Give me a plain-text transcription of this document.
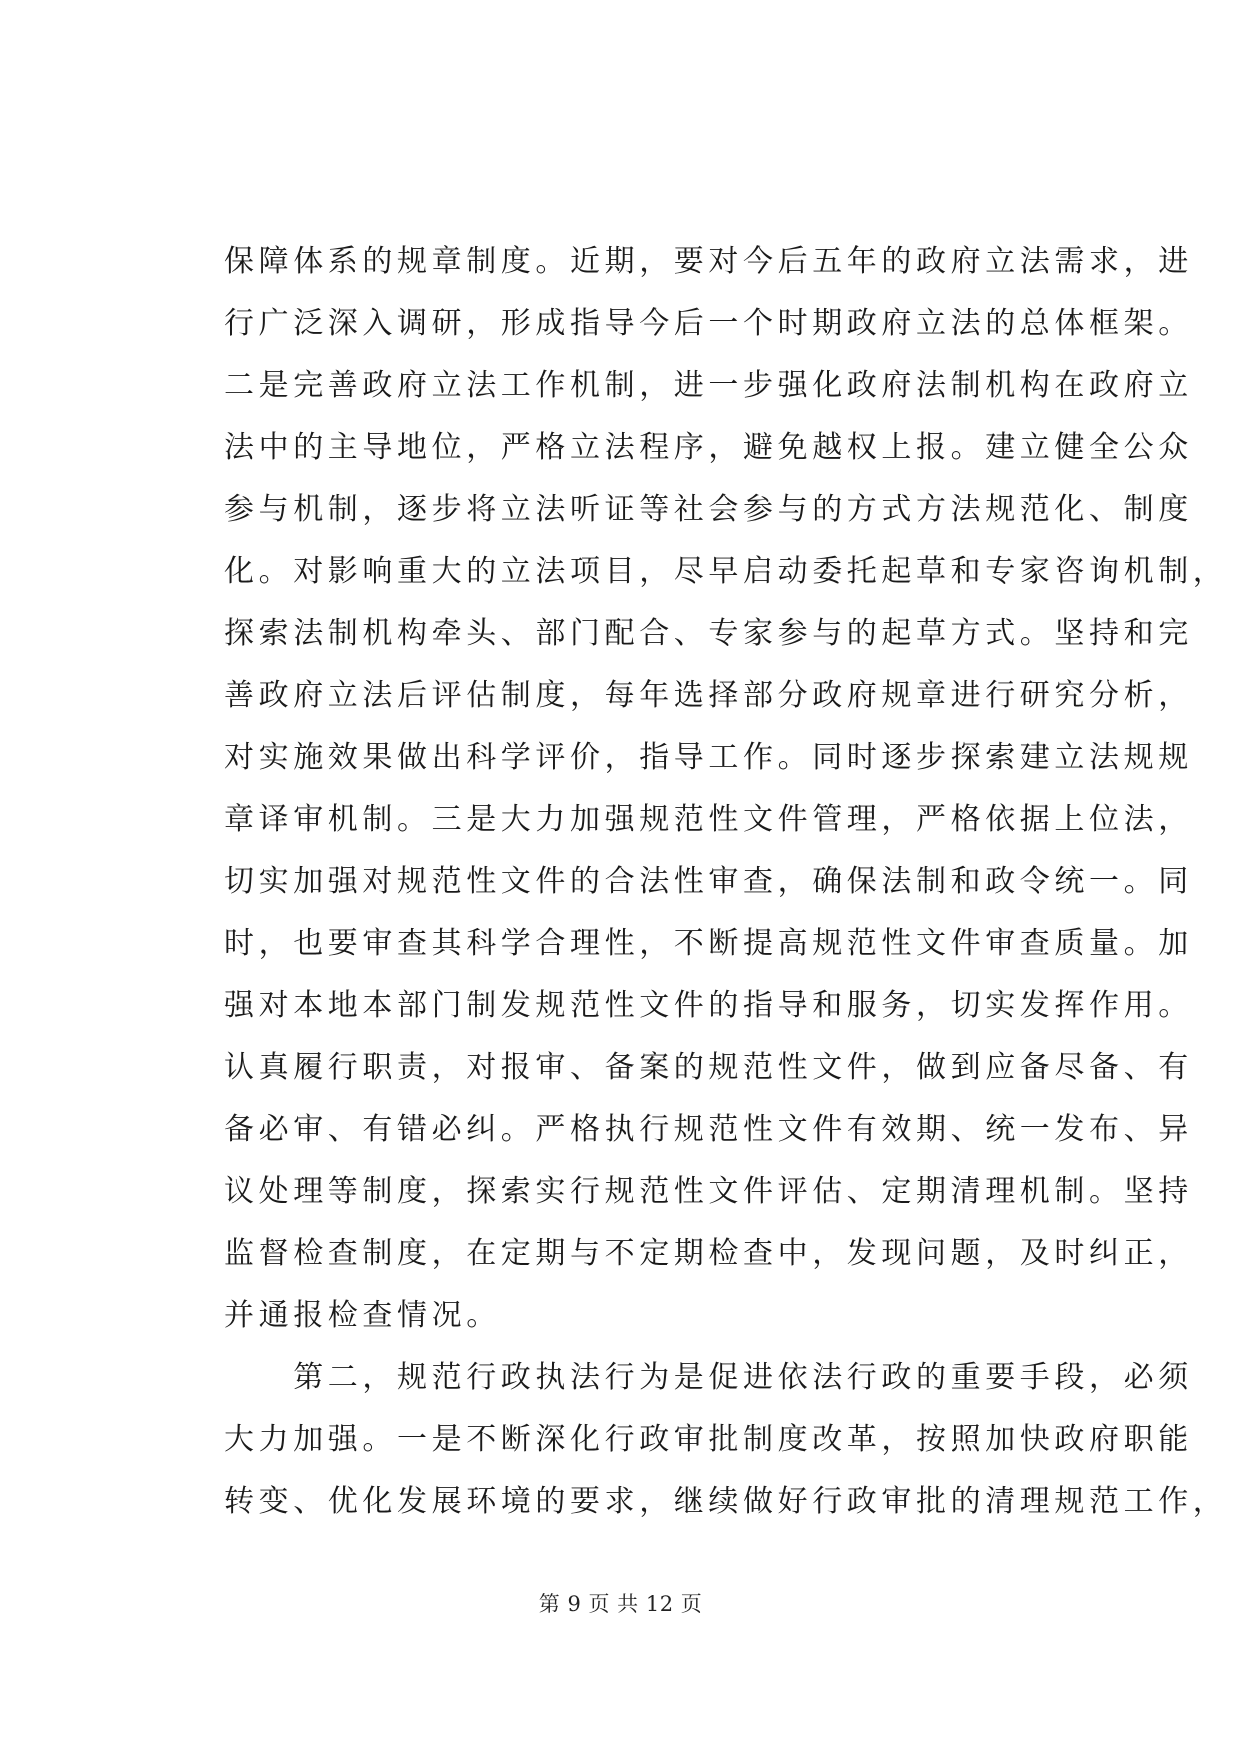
保障体系的规章制度。近期，要对今后五年的政府立法需求，进
行广泛深入调研，形成指导今后一个时期政府立法的总体框架。
二是完善政府立法工作机制，进一步强化政府法制机构在政府立
法中的主导地位，严格立法程序，避免越权上报。建立健全公众
参与机制，逐步将立法听证等社会参与的方式方法规范化、制度
化。对影响重大的立法项目，尽早启动委托起草和专家咨询机制，
探索法制机构牵头、部门配合、专家参与的起草方式。坚持和完
善政府立法后评估制度，每年选择部分政府规章进行研究分析，
对实施效果做出科学评价，指导工作。同时逐步探索建立法规规
章译审机制。三是大力加强规范性文件管理，严格依据上位法，
切实加强对规范性文件的合法性审查，确保法制和政令统一。同
时，也要审查其科学合理性，不断提高规范性文件审查质量。加
强对本地本部门制发规范性文件的指导和服务，切实发挥作用。
认真履行职责，对报审、备案的规范性文件，做到应备尽备、有
备必审、有错必纠。严格执行规范性文件有效期、统一发布、异
议处理等制度，探索实行规范性文件评估、定期清理机制。坚持
监督检查制度，在定期与不定期检查中，发现问题，及时纠正，
并通报检查情况。
　　第二，规范行政执法行为是促进依法行政的重要手段，必须
大力加强。一是不断深化行政审批制度改革，按照加快政府职能
转变、优化发展环境的要求，继续做好行政审批的清理规范工作，
第 9 页 共 12 页
